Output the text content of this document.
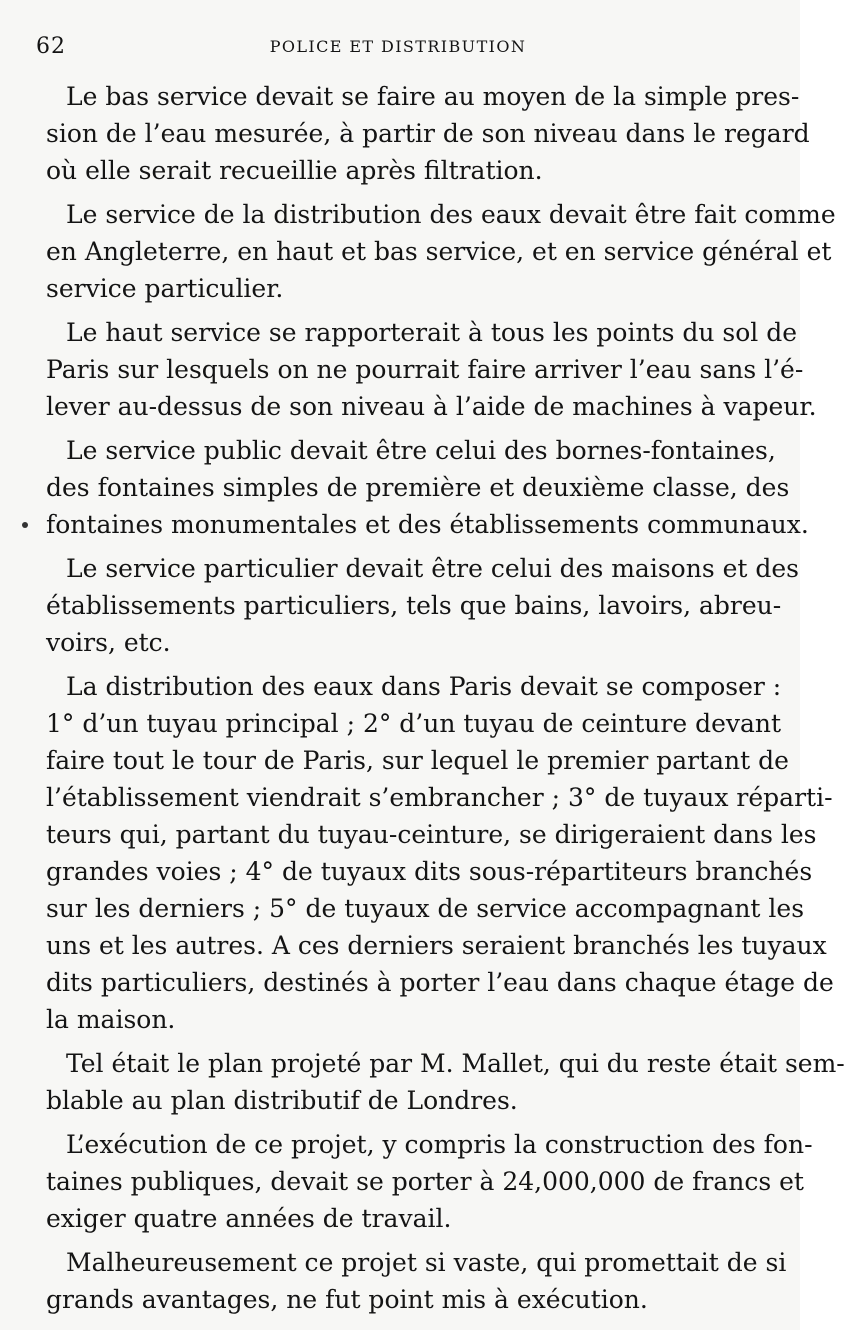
62	POLICE ET DISTRIBUTION
Le bas service devait se faire au moyen de la simple pres-
sion de l’eau mesurée, à partir de son niveau dans le regard
où elle serait recueillie après filtration.
Le service de la distribution des eaux devait être fait comme
en Angleterre, en haut et bas service, et en service général et
service particulier.
Le haut service se rapporterait à tous les points du sol de
Paris sur lesquels on ne pourrait faire arriver l’eau sans l’é-
lever au-dessus de son niveau à l’aide de machines à vapeur.
Le service public devait être celui des bornes-fontaines,
des fontaines simples de première et deuxième classe, des
fontaines monumentales et des établissements communaux.
Le service particulier devait être celui des maisons et des
établissements particuliers, tels que bains, lavoirs, abreu-
voirs, etc.
La distribution des eaux dans Paris devait se composer :
1° d’un tuyau principal ; 2° d’un tuyau de ceinture devant
faire tout le tour de Paris, sur lequel le premier partant de
l’établissement viendrait s’embrancher ; 3° de tuyaux réparti-
teurs qui, partant du tuyau-ceinture, se dirigeraient dans les
grandes voies ; 4° de tuyaux dits sous-répartiteurs branchés
sur les derniers ; 5° de tuyaux de service accompagnant les
uns et les autres. A ces derniers seraient branchés les tuyaux
dits particuliers, destinés à porter l’eau dans chaque étage de
la maison.
Tel était le plan projeté par M. Mallet, qui du reste était sem-
blable au plan distributif de Londres.
L’exécution de ce projet, y compris la construction des fon-
taines publiques, devait se porter à 24,000,000 de francs et
exiger quatre années de travail.
Malheureusement ce projet si vaste, qui promettait de si
grands avantages, ne fut point mis à exécution.
